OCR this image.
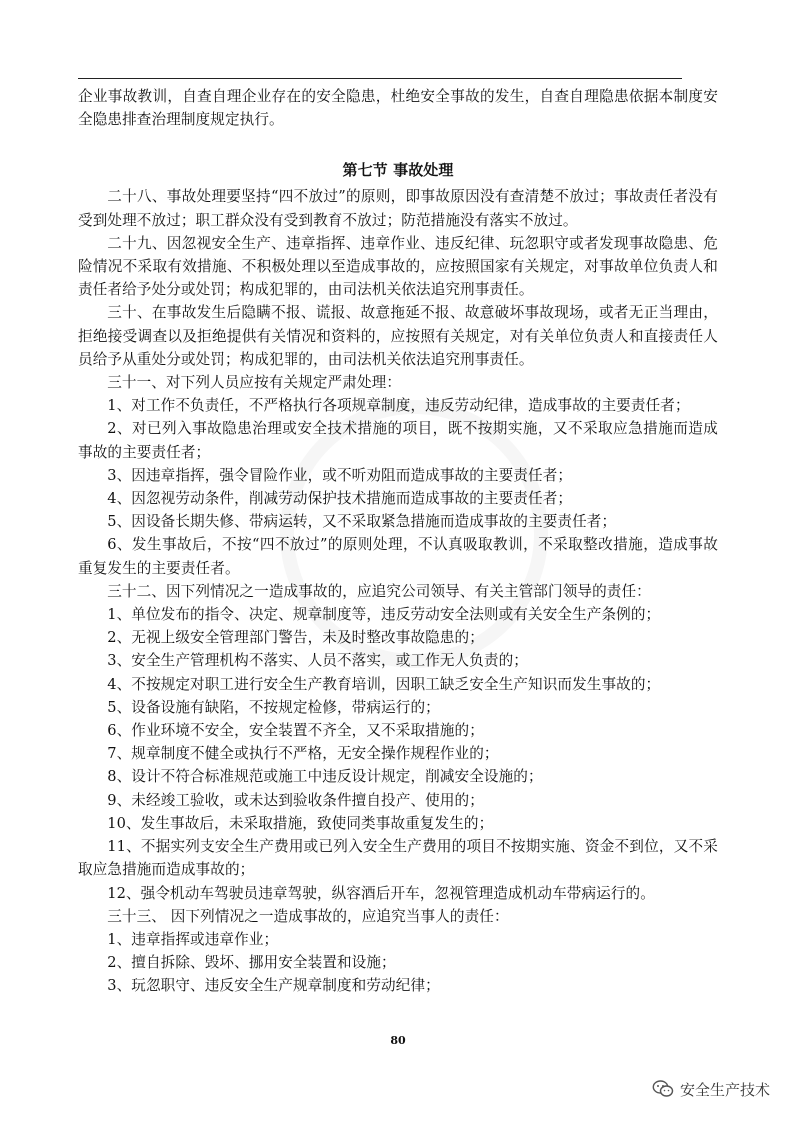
企业事故教训，自查自理企业存在的安全隐患，杜绝安全事故的发生，自查自理隐患依据本制度安全隐患排查治理制度规定执行。

第七节 事故处理

二十八、事故处理要坚持“四不放过”的原则，即事故原因没有查清楚不放过；事故责任者没有受到处理不放过；职工群众没有受到教育不放过；防范措施没有落实不放过。

二十九、因忽视安全生产、违章指挥、违章作业、违反纪律、玩忽职守或者发现事故隐患、危险情况不采取有效措施、不积极处理以至造成事故的，应按照国家有关规定，对事故单位负责人和责任者给予处分或处罚；构成犯罪的，由司法机关依法追究刑事责任。

三十、在事故发生后隐瞒不报、谎报、故意拖延不报、故意破坏事故现场，或者无正当理由，拒绝接受调查以及拒绝提供有关情况和资料的，应按照有关规定，对有关单位负责人和直接责任人员给予从重处分或处罚；构成犯罪的，由司法机关依法追究刑事责任。

三十一、对下列人员应按有关规定严肃处理：

1、对工作不负责任，不严格执行各项规章制度，违反劳动纪律，造成事故的主要责任者；

2、对已列入事故隐患治理或安全技术措施的项目，既不按期实施，又不采取应急措施而造成事故的主要责任者；

3、因违章指挥，强令冒险作业，或不听劝阻而造成事故的主要责任者；

4、因忽视劳动条件，削减劳动保护技术措施而造成事故的主要责任者；

5、因设备长期失修、带病运转，又不采取紧急措施而造成事故的主要责任者；

6、发生事故后，不按“四不放过”的原则处理，不认真吸取教训，不采取整改措施，造成事故重复发生的主要责任者。

三十二、因下列情况之一造成事故的，应追究公司领导、有关主管部门领导的责任：

1、单位发布的指令、决定、规章制度等，违反劳动安全法则或有关安全生产条例的；

2、无视上级安全管理部门警告，未及时整改事故隐患的；

3、安全生产管理机构不落实、人员不落实，或工作无人负责的；

4、不按规定对职工进行安全生产教育培训，因职工缺乏安全生产知识而发生事故的；

5、设备设施有缺陷，不按规定检修，带病运行的；

6、作业环境不安全，安全装置不齐全，又不采取措施的；

7、规章制度不健全或执行不严格，无安全操作规程作业的；

8、设计不符合标准规范或施工中违反设计规定，削减安全设施的；

9、未经竣工验收，或未达到验收条件擅自投产、使用的；

10、发生事故后，未采取措施，致使同类事故重复发生的；

11、不据实列支安全生产费用或已列入安全生产费用的项目不按期实施、资金不到位，又不采取应急措施而造成事故的；

12、强令机动车驾驶员违章驾驶，纵容酒后开车，忽视管理造成机动车带病运行的。

三十三、 因下列情况之一造成事故的，应追究当事人的责任：

1、违章指挥或违章作业；

2、擅自拆除、毁坏、挪用安全装置和设施；

3、玩忽职守、违反安全生产规章制度和劳动纪律；

80
安全生产技术
